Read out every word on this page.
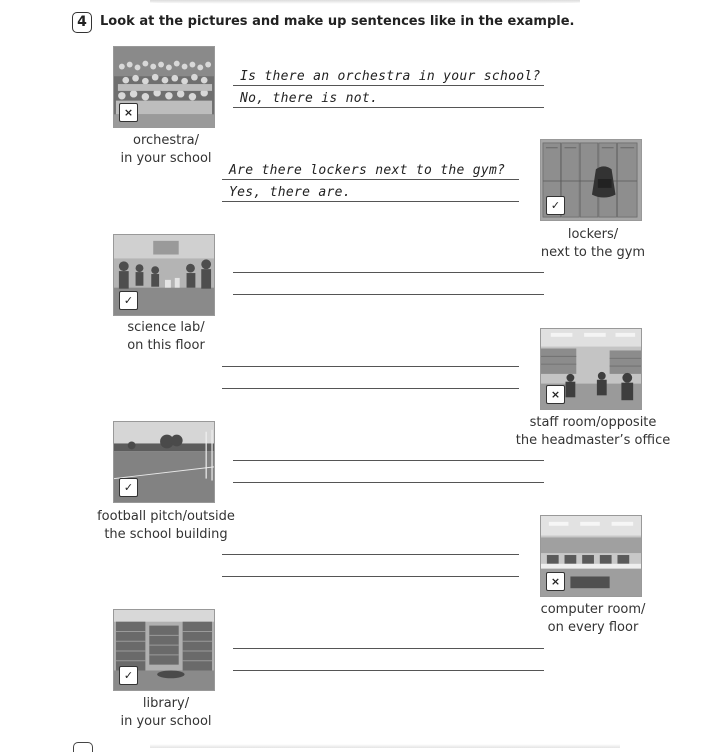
4	Look at the pictures and make up sentences like in the example.
×
orchestra/
in your school
Is there an orchestra in your school?
No, there is not.
✓
lockers/
next to the gym
Are there lockers next to the gym?
Yes, there are.
✓
science lab/
on this floor
×
staff room/opposite
the headmaster’s office
✓
football pitch/outside
the school building
×
computer room/
on every floor
✓
library/
in your school
